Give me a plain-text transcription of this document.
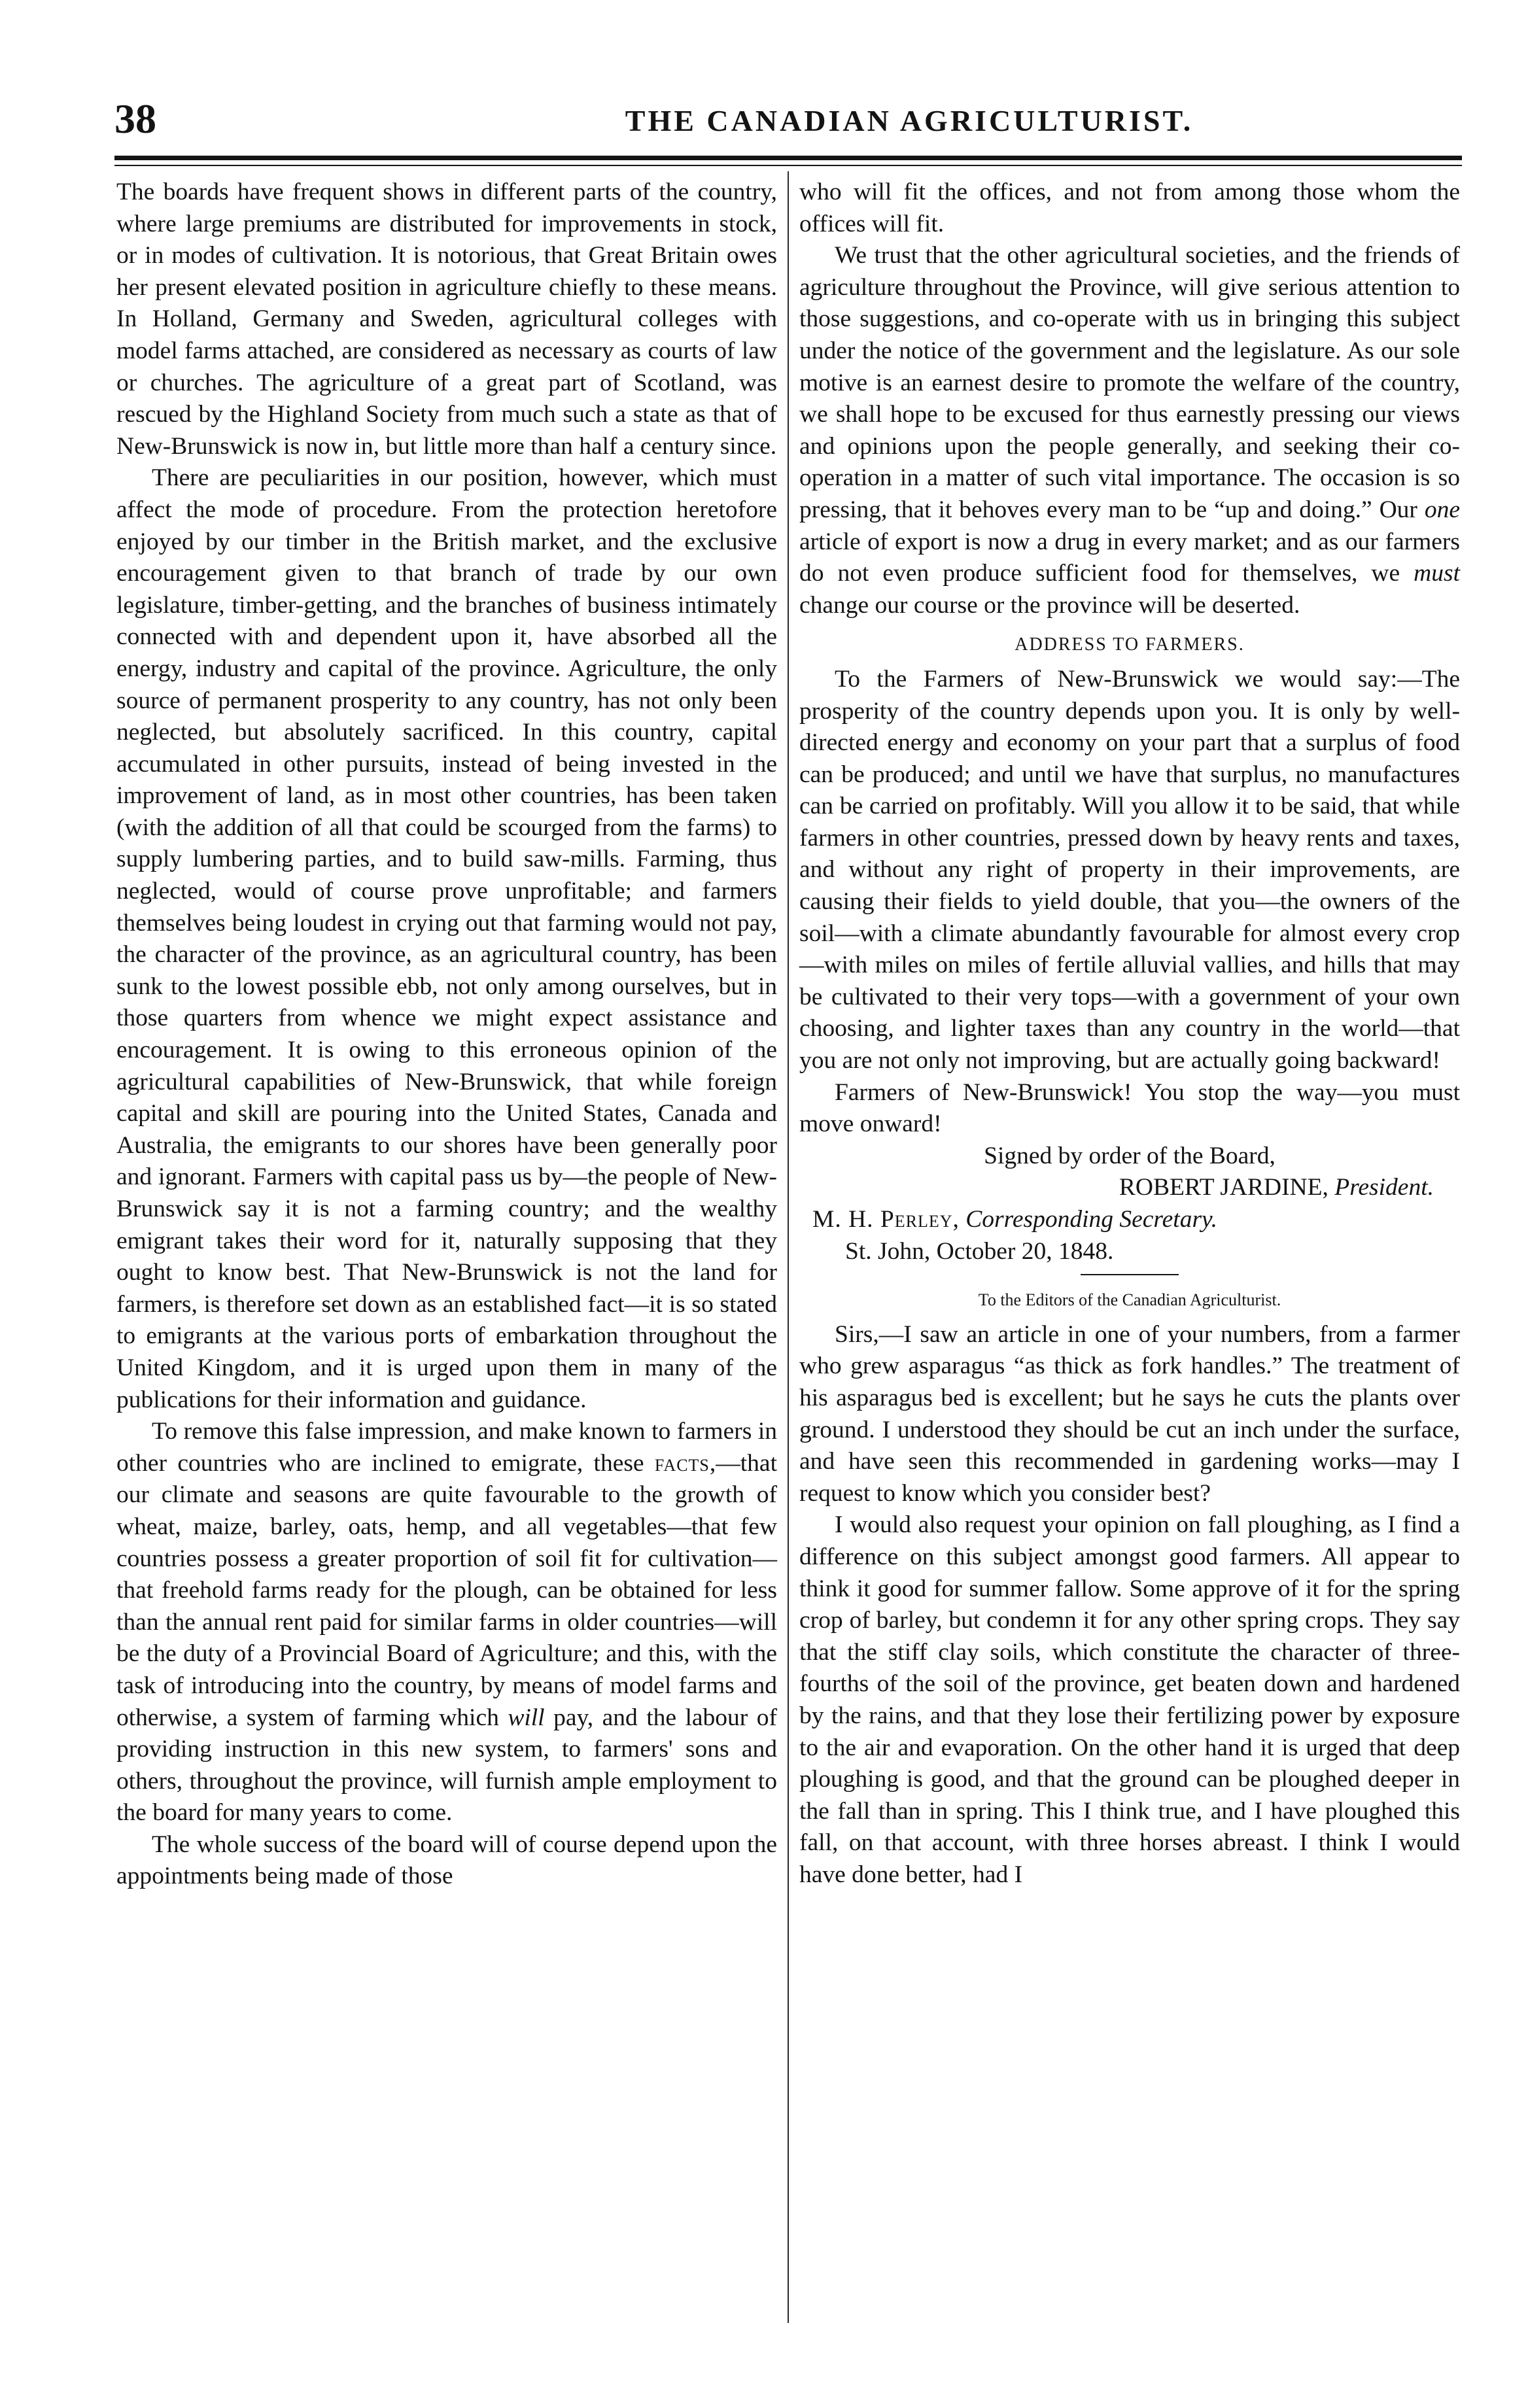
38	THE CANADIAN AGRICULTURIST.

The boards have frequent shows in different parts of the country, where large premiums are distributed for improvements in stock, or in modes of cultivation. It is notorious, that Great Britain owes her present elevated position in agriculture chiefly to these means. In Holland, Germany and Sweden, agricultural colleges with model farms attached, are considered as necessary as courts of law or churches. The agriculture of a great part of Scotland, was rescued by the Highland Society from much such a state as that of New-Brunswick is now in, but little more than half a century since.

There are peculiarities in our position, however, which must affect the mode of procedure. From the protection heretofore enjoyed by our timber in the British market, and the exclusive encouragement given to that branch of trade by our own legislature, timber-getting, and the branches of business intimately connected with and dependent upon it, have absorbed all the energy, industry and capital of the province. Agriculture, the only source of permanent prosperity to any country, has not only been neglected, but absolutely sacrificed. In this country, capital accumulated in other pursuits, instead of being invested in the improvement of land, as in most other countries, has been taken (with the addition of all that could be scourged from the farms) to supply lumbering parties, and to build saw-mills. Farming, thus neglected, would of course prove unprofitable; and farmers themselves being loudest in crying out that farming would not pay, the character of the province, as an agricultural country, has been sunk to the lowest possible ebb, not only among ourselves, but in those quarters from whence we might expect assistance and encouragement. It is owing to this erroneous opinion of the agricultural capabilities of New-Brunswick, that while foreign capital and skill are pouring into the United States, Canada and Australia, the emigrants to our shores have been generally poor and ignorant. Farmers with capital pass us by—the people of New-Brunswick say it is not a farming country; and the wealthy emigrant takes their word for it, naturally supposing that they ought to know best. That New-Brunswick is not the land for farmers, is therefore set down as an established fact—it is so stated to emigrants at the various ports of embarkation throughout the United Kingdom, and it is urged upon them in many of the publications for their information and guidance.

To remove this false impression, and make known to farmers in other countries who are inclined to emigrate, these facts,—that our climate and seasons are quite favourable to the growth of wheat, maize, barley, oats, hemp, and all vegetables—that few countries possess a greater proportion of soil fit for cultivation—that freehold farms ready for the plough, can be obtained for less than the annual rent paid for similar farms in older countries—will be the duty of a Provincial Board of Agriculture; and this, with the task of introducing into the country, by means of model farms and otherwise, a system of farming which will pay, and the labour of providing instruction in this new system, to farmers' sons and others, throughout the province, will furnish ample employment to the board for many years to come.

The whole success of the board will of course depend upon the appointments being made of those

who will fit the offices, and not from among those whom the offices will fit.

We trust that the other agricultural societies, and the friends of agriculture throughout the Province, will give serious attention to those suggestions, and co-operate with us in bringing this subject under the notice of the government and the legislature. As our sole motive is an earnest desire to promote the welfare of the country, we shall hope to be excused for thus earnestly pressing our views and opinions upon the people generally, and seeking their co-operation in a matter of such vital importance. The occasion is so pressing, that it behoves every man to be “up and doing.” Our one article of export is now a drug in every market; and as our farmers do not even produce sufficient food for themselves, we must change our course or the province will be deserted.

ADDRESS TO FARMERS.

To the Farmers of New-Brunswick we would say:—The prosperity of the country depends upon you. It is only by well-directed energy and economy on your part that a surplus of food can be produced; and until we have that surplus, no manufactures can be carried on profitably. Will you allow it to be said, that while farmers in other countries, pressed down by heavy rents and taxes, and without any right of property in their improvements, are causing their fields to yield double, that you—the owners of the soil—with a climate abundantly favourable for almost every crop—with miles on miles of fertile alluvial vallies, and hills that may be cultivated to their very tops—with a government of your own choosing, and lighter taxes than any country in the world—that you are not only not improving, but are actually going backward!

Farmers of New-Brunswick! You stop the way—you must move onward!

Signed by order of the Board,

ROBERT JARDINE, President.

M. H. Perley, Corresponding Secretary.

St. John, October 20, 1848.

To the Editors of the Canadian Agriculturist.

Sirs,—I saw an article in one of your numbers, from a farmer who grew asparagus “as thick as fork handles.” The treatment of his asparagus bed is excellent; but he says he cuts the plants over ground. I understood they should be cut an inch under the surface, and have seen this recommended in gardening works—may I request to know which you consider best?

I would also request your opinion on fall ploughing, as I find a difference on this subject amongst good farmers. All appear to think it good for summer fallow. Some approve of it for the spring crop of barley, but condemn it for any other spring crops. They say that the stiff clay soils, which constitute the character of three-fourths of the soil of the province, get beaten down and hardened by the rains, and that they lose their fertilizing power by exposure to the air and evaporation. On the other hand it is urged that deep ploughing is good, and that the ground can be ploughed deeper in the fall than in spring. This I think true, and I have ploughed this fall, on that account, with three horses abreast. I think I would have done better, had I
